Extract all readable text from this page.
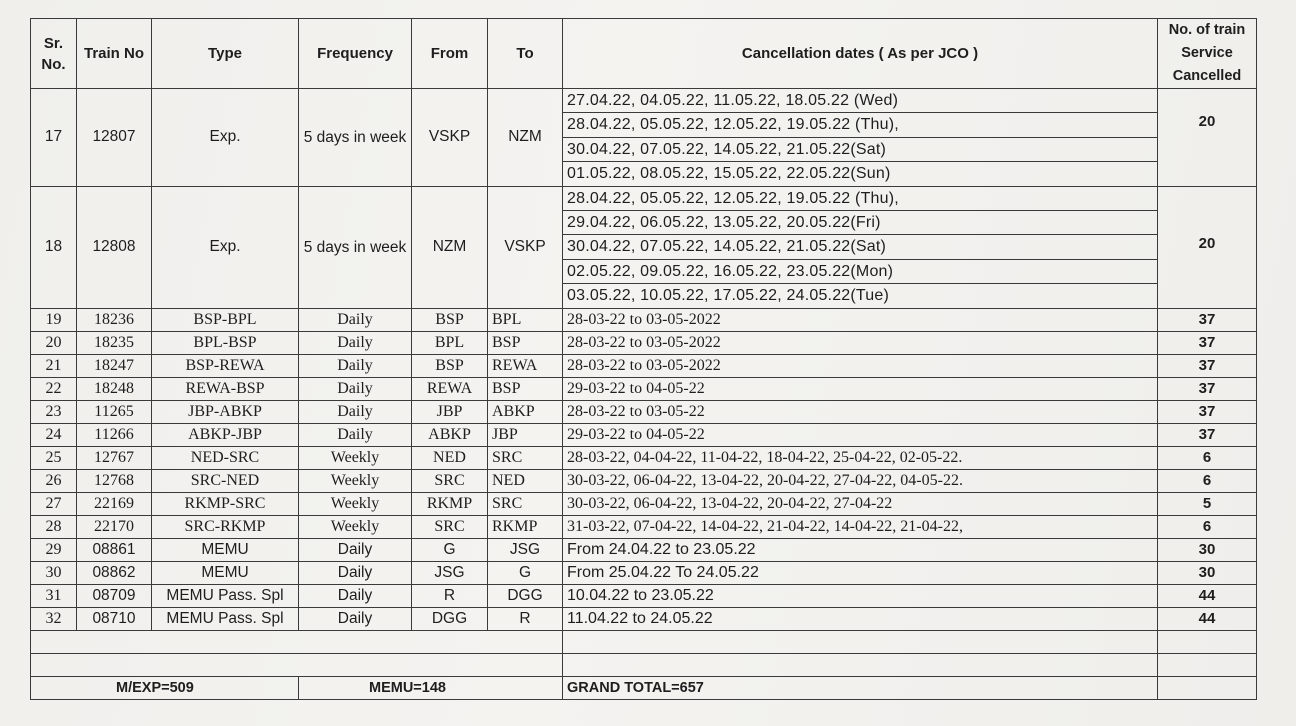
Sr. No.	Train No	Type	Frequency	From	To	Cancellation dates ( As per JCO )	No. of train Service Cancelled
17	12807	Exp.	5 days in week	VSKP	NZM	27.04.22, 04.05.22, 11.05.22, 18.05.22 (Wed)
28.04.22, 05.05.22, 12.05.22, 19.05.22 (Thu),
30.04.22, 07.05.22, 14.05.22, 21.05.22(Sat)
01.05.22, 08.05.22, 15.05.22, 22.05.22(Sun)	20
18	12808	Exp.	5 days in week	NZM	VSKP	28.04.22, 05.05.22, 12.05.22, 19.05.22 (Thu),
29.04.22, 06.05.22, 13.05.22, 20.05.22(Fri)
30.04.22, 07.05.22, 14.05.22, 21.05.22(Sat)
02.05.22, 09.05.22, 16.05.22, 23.05.22(Mon)
03.05.22, 10.05.22, 17.05.22, 24.05.22(Tue)	20
19	18236	BSP-BPL	Daily	BSP	BPL	28-03-22 to 03-05-2022	37
20	18235	BPL-BSP	Daily	BPL	BSP	28-03-22 to 03-05-2022	37
21	18247	BSP-REWA	Daily	BSP	REWA	28-03-22 to 03-05-2022	37
22	18248	REWA-BSP	Daily	REWA	BSP	29-03-22 to 04-05-22	37
23	11265	JBP-ABKP	Daily	JBP	ABKP	28-03-22 to 03-05-22	37
24	11266	ABKP-JBP	Daily	ABKP	JBP	29-03-22 to 04-05-22	37
25	12767	NED-SRC	Weekly	NED	SRC	28-03-22, 04-04-22, 11-04-22, 18-04-22, 25-04-22, 02-05-22.	6
26	12768	SRC-NED	Weekly	SRC	NED	30-03-22, 06-04-22, 13-04-22, 20-04-22, 27-04-22, 04-05-22.	6
27	22169	RKMP-SRC	Weekly	RKMP	SRC	30-03-22, 06-04-22, 13-04-22, 20-04-22, 27-04-22	5
28	22170	SRC-RKMP	Weekly	SRC	RKMP	31-03-22, 07-04-22, 14-04-22, 21-04-22, 14-04-22, 21-04-22,	6
29	08861	MEMU	Daily	G	JSG	From 24.04.22 to 23.05.22	30
30	08862	MEMU	Daily	JSG	G	From 25.04.22 To 24.05.22	30
31	08709	MEMU Pass. Spl	Daily	R	DGG	10.04.22 to 23.05.22	44
32	08710	MEMU Pass. Spl	Daily	DGG	R	11.04.22 to 24.05.22	44

M/EXP=509			MEMU=148			GRAND TOTAL=657	
